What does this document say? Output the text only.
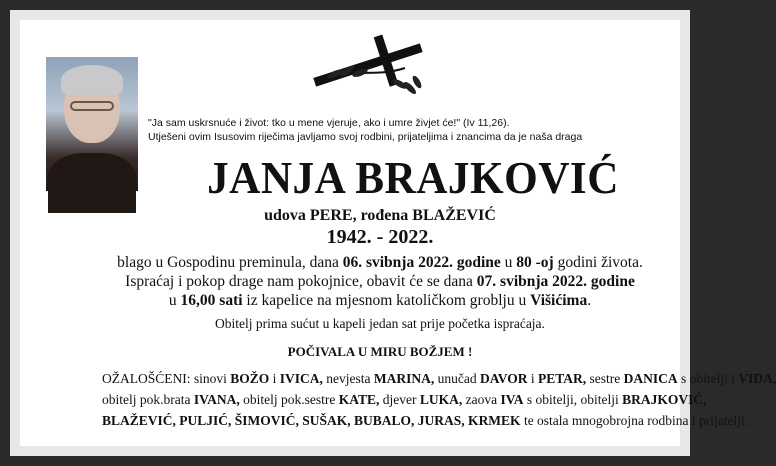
"Ja sam uskrsnuće i život: tko u mene vjeruje, ako i umre živjet će!" (Iv 11,26).
Utješeni ovim Isusovim riječima javljamo svoj rodbini, prijateljima i znancima da je naša draga
JANJA BRAJKOVIĆ
udova PERE, rođena BLAŽEVIĆ
1942. - 2022.
blago u Gospodinu preminula, dana 06. svibnja 2022. godine u 80 -oj godini života.
Ispraćaj i pokop drage nam pokojnice, obavit će se dana 07. svibnja 2022. godine
u 16,00 sati iz kapelice na mjesnom katoličkom groblju u Višićima.
Obitelj prima sućut u kapeli jedan sat prije početka ispraćaja.
POČIVALA U MIRU BOŽJEM !
OŽALOŠĆENI: sinovi BOŽO i IVICA, nevjesta MARINA, unučad DAVOR i PETAR, sestre DANICA s obitelji i VIDA,
obitelj pok.brata IVANA, obitelj pok.sestre KATE, djever LUKA, zaova IVA s obitelji, obitelji BRAJKOVIĆ,
BLAŽEVIĆ, PULJIĆ, ŠIMOVIĆ, SUŠAK, BUBALO, JURAS, KRMEK te ostala mnogobrojna rodbina i prijatelji.
